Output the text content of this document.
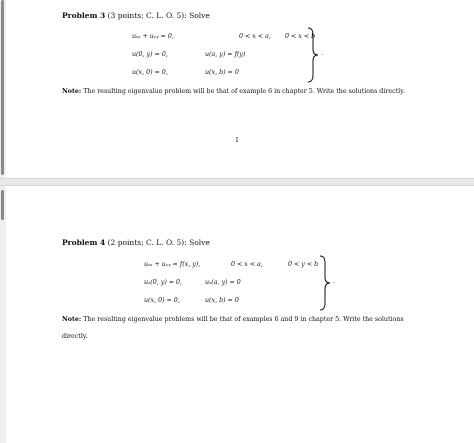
Problem 3 (3 points; C. L. O. 5): Solve
uₓₓ + uᵧᵧ = 0,	0 < x < a, 0 < x < b
u(0, y) = 0,	u(a, y) = f(y)
u(x, 0) = 0,	u(x, b) = 0
.
Note: The resulting eigenvalue problem will be that of example 6 in chapter 5. Write the solutions directly.
1
Problem 4 (2 points; C. L. O. 5): Solve
uₓₓ + uᵧᵧ = f(x, y),	0 < x < a,	0 < y < b
uₓ(0, y) = 0,	uₓ(a, y) = 0
u(x, 0) = 0,	u(x, b) = 0
.
Note: The resulting eigenvalue problems will be that of examples 6 and 9 in chapter 5. Write the solutions
directly.
